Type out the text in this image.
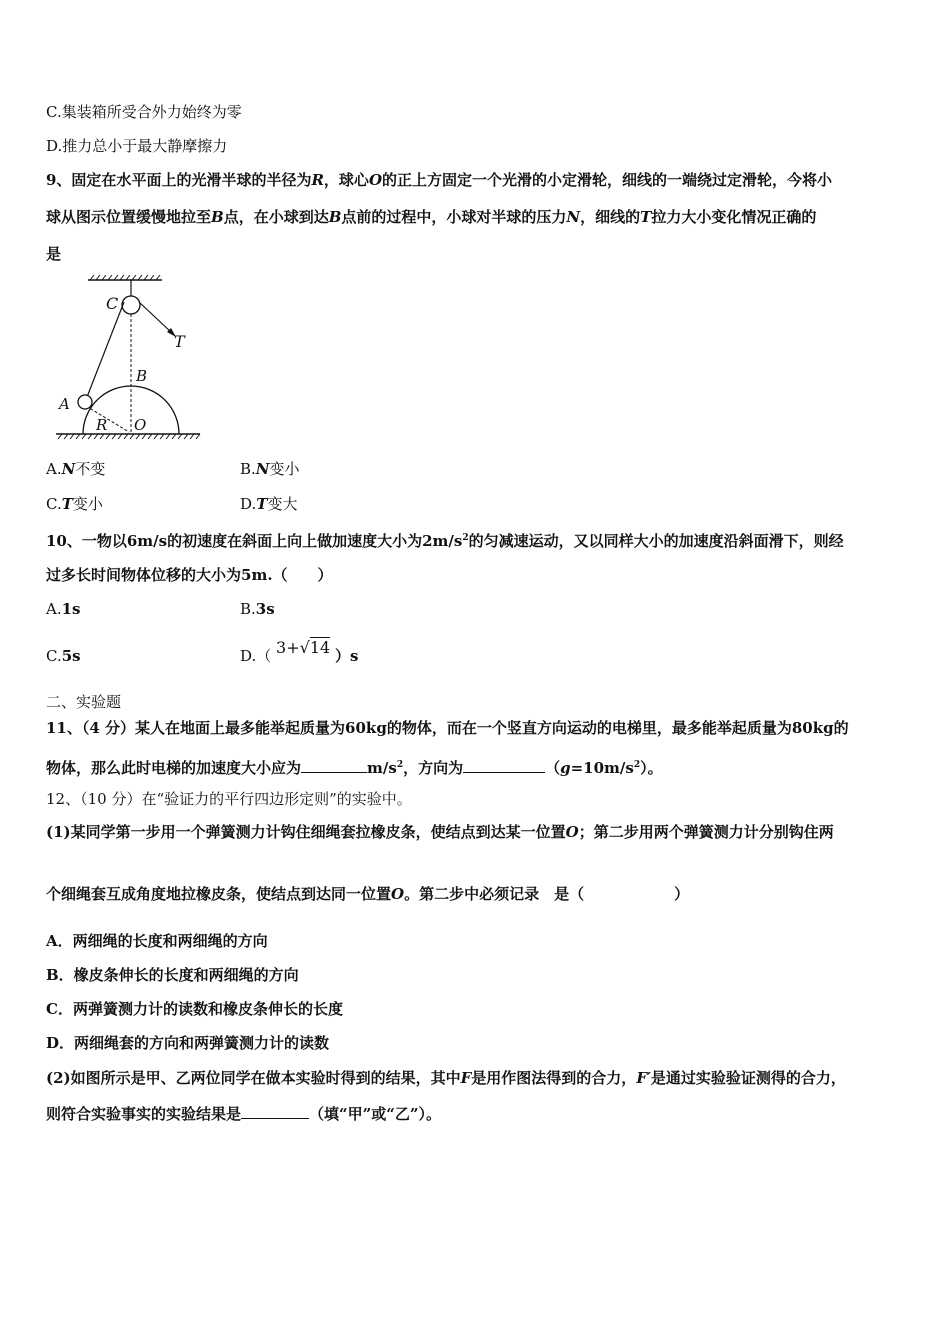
C.集装箱所受合外力始终为零
D.推力总小于最大静摩擦力
9、固定在水平面上的光滑半球的半径为R，球心O的正上方固定一个光滑的小定滑轮，细线的一端绕过定滑轮，今将小
球从图示位置缓慢地拉至B点，在小球到达B点前的过程中，小球对半球的压力N，细线的T拉力大小变化情况正确的
是
C
T
B
A
R O
A.N不变	B.N变小
C.T变小	D.T变大
10、一物以6m/s的初速度在斜面上向上做加速度大小为$2m/s^2$的匀减速运动，又以同样大小的加速度沿斜面滑下，则经
过多长时间物体位移的大小为5m.（　　）
A.1s	B.3s
C.5s	D.（ 3+√14 ）s
二、实验题
11、（4 分）某人在地面上最多能举起质量为60kg的物体，而在一个竖直方向运动的电梯里，最多能举起质量为80kg的
物体，那么此时电梯的加速度大小应为	$m/s^2$，方向为	$(g=10m/s^2)$。
12、（10 分）在“验证力的平行四边形定则”的实验中。
(1)某同学第一步用一个弹簧测力计钩住细绳套拉橡皮条，使结点到达某一位置O；第二步用两个弹簧测力计分别钩住两
个细绳套互成角度地拉橡皮条，使结点到达同一位置O。第二步中必须记录　是（　　　　　　）
A．两细绳的长度和两细绳的方向
B．橡皮条伸长的长度和两细绳的方向
C．两弹簧测力计的读数和橡皮条伸长的长度
D．两细绳套的方向和两弹簧测力计的读数
(2)如图所示是甲、乙两位同学在做本实验时得到的结果，其中F是用作图法得到的合力，F′是通过实验验证测得的合力，
则符合实验事实的实验结果是	（填“甲”或“乙”）。
